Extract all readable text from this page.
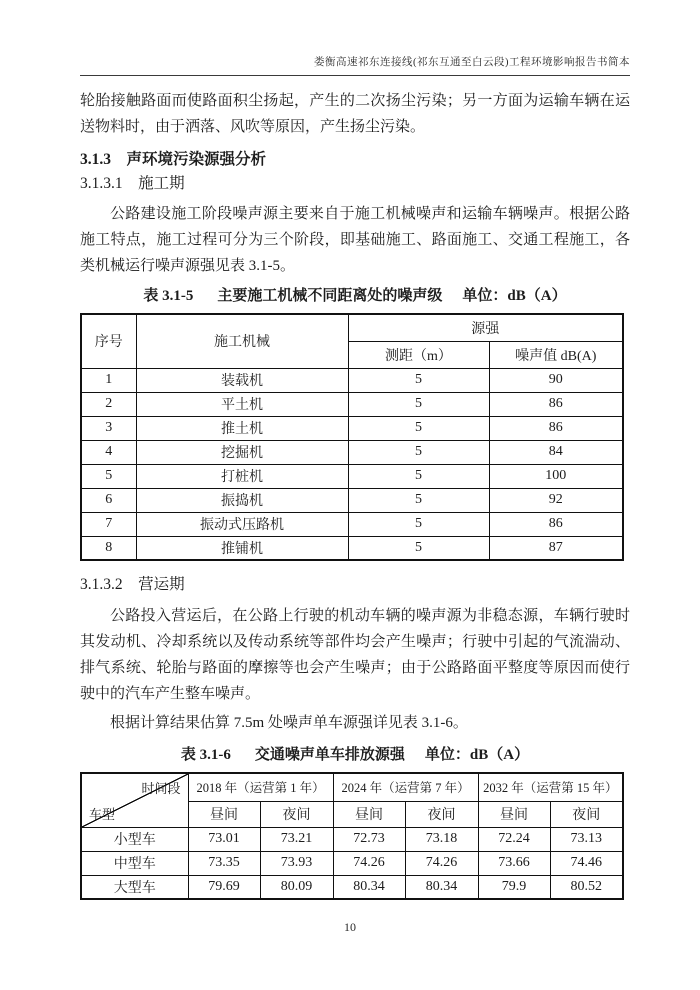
娄衡高速祁东连接线(祁东互通至白云段)工程环境影响报告书简本

轮胎接触路面而使路面积尘扬起，产生的二次扬尘污染；另一方面为运输车辆在运送物料时，由于洒落、风吹等原因，产生扬尘污染。

3.1.3　声环境污染源强分析
3.1.3.1　施工期

公路建设施工阶段噪声源主要来自于施工机械噪声和运输车辆噪声。根据公路施工特点，施工过程可分为三个阶段，即基础施工、路面施工、交通工程施工，各类机械运行噪声源强见表 3.1-5。

表 3.1-5 主要施工机械不同距离处的噪声级 单位：dB（A）
序号	施工机械	源强	
		测距（m）	噪声值 dB(A)
1	装载机	5	90
2	平土机	5	86
3	推土机	5	86
4	挖掘机	5	84
5	打桩机	5	100
6	振捣机	5	92
7	振动式压路机	5	86
8	推铺机	5	87
3.1.3.2　营运期

公路投入营运后，在公路上行驶的机动车辆的噪声源为非稳态源，车辆行驶时其发动机、冷却系统以及传动系统等部件均会产生噪声；行驶中引起的气流湍动、排气系统、轮胎与路面的摩擦等也会产生噪声；由于公路路面平整度等原因而使行驶中的汽车产生整车噪声。

根据计算结果估算 7.5m 处噪声单车源强详见表 3.1-6。

表 3.1-6 交通噪声单车排放源强 单位：dB（A）
时间段
车型	2018 年（运营第 1 年）		2024 年（运营第 7 年）		2032 年（运营第 15 年）	
	昼间	夜间	昼间	夜间	昼间	夜间
小型车	73.01	73.21	72.73	73.18	72.24	73.13
中型车	73.35	73.93	74.26	74.26	73.66	74.46
大型车	79.69	80.09	80.34	80.34	79.9	80.52
10
